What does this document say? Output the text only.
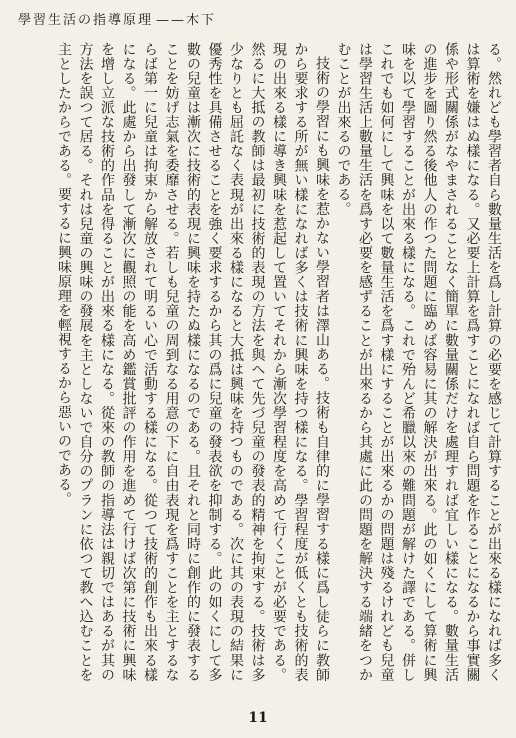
學習生活の指導原理 ——木下

る。然れども學習者自ら數量生活を爲し計算の必要を感じて計算することが出來る樣になれば多くは算術を嫌はぬ樣になる。又必要上計算を爲すことになれば自ら問題を作ることになるから事實關係や形式關係がなやまされることなく簡單に數量關係だけを處理すれば宜しい樣になる。數量生活の進步を圖り然る後他人の作つた問題に臨めば容易に其の解決が出來る。此の如くにして算術に興味を以て學習することが出來る樣になる。これで殆んど希臘以來の難問題が解けた譯である。併しこれでも如何にして興味を以て數量生活を爲す樣にすることが出來るかの問題は殘るけれども兒童は學習生活上數量生活を爲す必要を感ずることが出來るから其處に此の問題を解決する端緒をつかむことが出來るのである。

技術の學習にも興味を惹かない學習者は澤山ある。技術も自律的に學習する樣に爲し徒らに教師から要求する所が無い樣になれば多くは技術に興味を持つ樣になる。學習程度が低くとも技術的表現の出來る樣に導き興味を惹起して置いてそれから漸次學習程度を高めて行くことが必要である。然るに大抵の教師は最初に技術的表現の方法を與へて先づ兒童の發表的精神を拘束する。技術は多少なりとも屈託なく表現が出來る樣になると大抵は興味を持つものである。次に其の表現の結果に優秀性を具備させることを強く要求するから其の爲に兒童の發表欲を抑制する。此の如くにして多數の兒童は漸次に技術的表現に興味を持たぬ樣になるのである。且それと同時に創作的に發表することを妨げ志氣を委靡させる。若しも兒童の周到なる用意の下に自由表現を爲すことを主とするならば第一に兒童は拘束から解放されて明るい心で活動する樣になる。從つて技術的創作も出來る樣になる。此處から出發して漸次に觀照の能を高め鑑賞批評の作用を進めて行けば次第に技術に興味を增し立派な技術的作品を得ることが出來る樣になる。從來の教師の指導法は親切ではあるが其の方法を誤つて居る。それは兒童の興味の發展を主としないで自分のプランに依つて教へ込むことを主としたからである。要するに興味原理を輕視するから惡いのである。

11
